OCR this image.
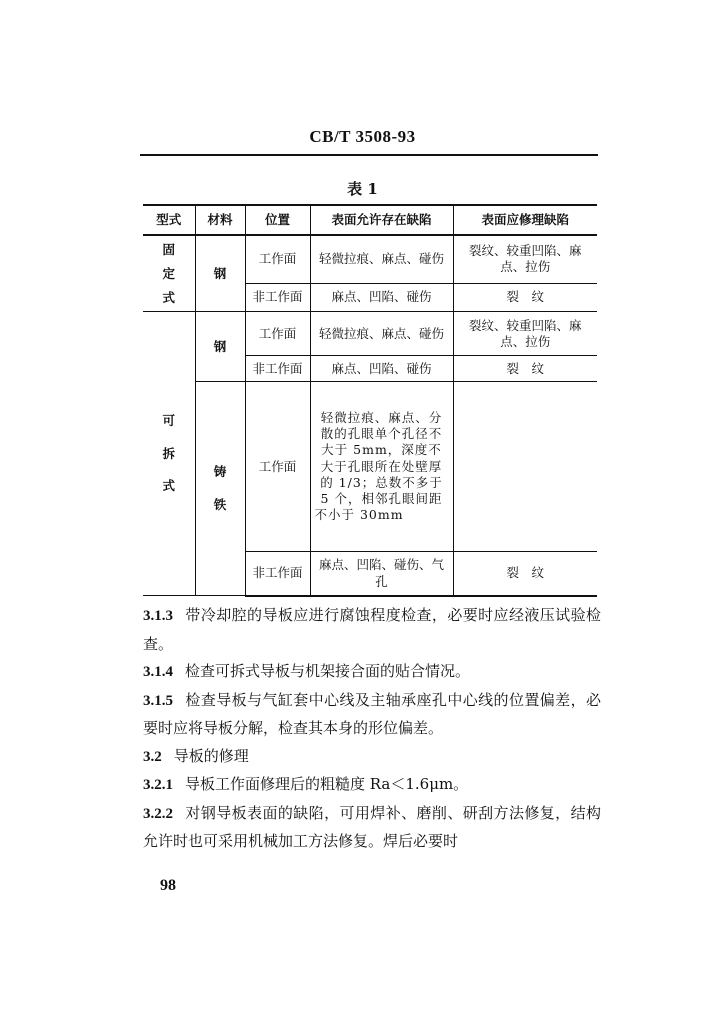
CB/T 3508-93
表 1
型式	材料	位置	表面允许存在缺陷	表面应修理缺陷
固定式	钢	工作面	轻微拉痕、麻点、碰伤	裂纹、较重凹陷、麻点、拉伤
		非工作面	麻点、凹陷、碰伤	裂　纹
可拆式	钢	工作面	轻微拉痕、麻点、碰伤	裂纹、较重凹陷、麻点、拉伤
		非工作面	麻点、凹陷、碰伤	裂　纹
	铸铁	工作面	轻微拉痕、麻点、分散的孔眼单个孔径不大于 5mm，深度不大于孔眼所在处壁厚的 1/3；总数不多于 5 个，相邻孔眼间距不小于 30mm	
		非工作面	麻点、凹陷、碰伤、气孔	裂　纹

3.1.3 带冷却腔的导板应进行腐蚀程度检查，必要时应经液压试验检查。

3.1.4 检查可拆式导板与机架接合面的贴合情况。

3.1.5 检查导板与气缸套中心线及主轴承座孔中心线的位置偏差，必要时应将导板分解，检查其本身的形位偏差。

3.2 导板的修理

3.2.1 导板工作面修理后的粗糙度 Ra＜1.6μm。

3.2.2 对钢导板表面的缺陷，可用焊补、磨削、研刮方法修复，结构允许时也可采用机械加工方法修复。焊后必要时

98
